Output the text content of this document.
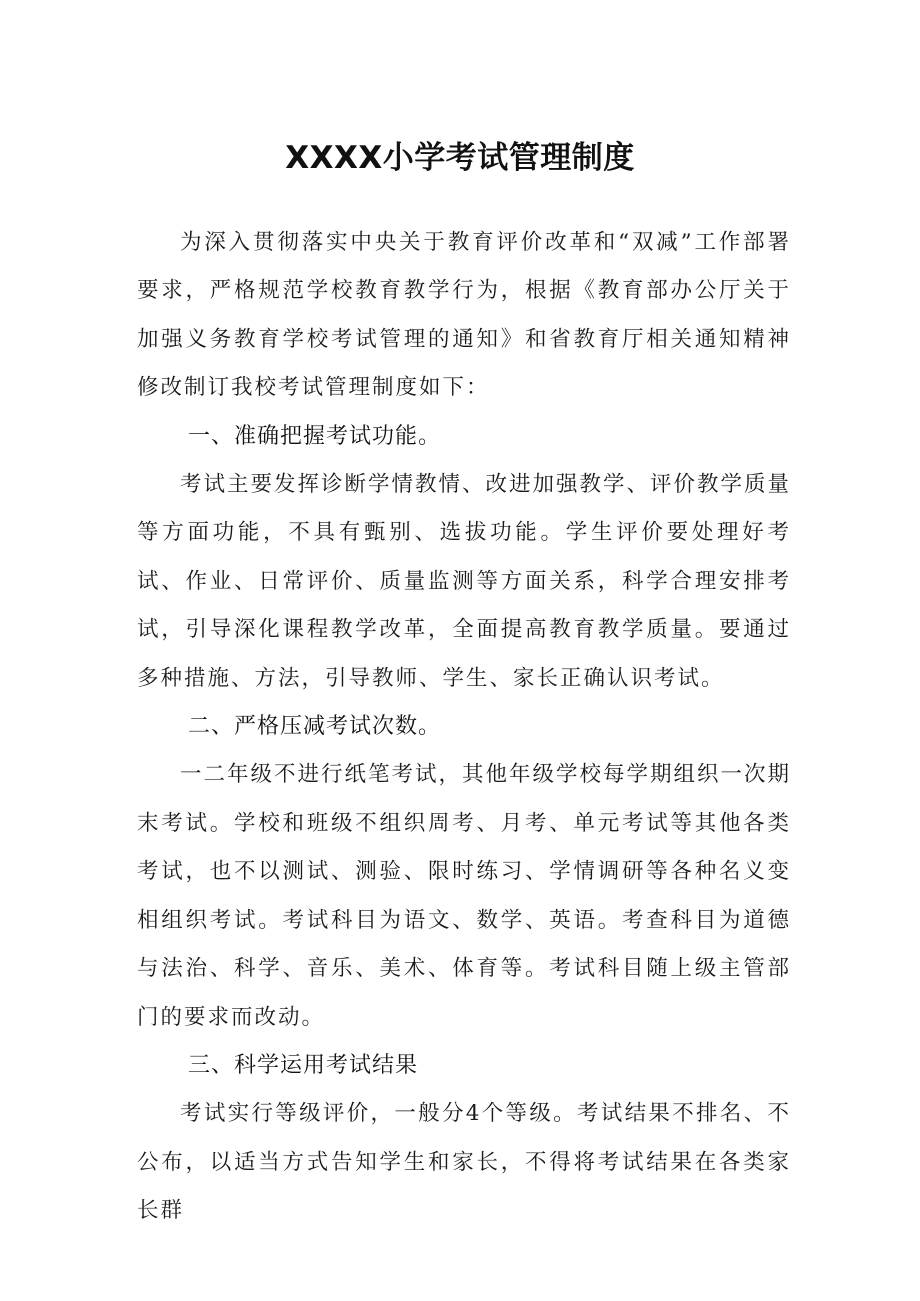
XXXX小学考试管理制度

为深入贯彻落实中央关于教育评价改革和“双减”工作部署要求，严格规范学校教育教学行为，根据《教育部办公厅关于加强义务教育学校考试管理的通知》和省教育厅相关通知精神修改制订我校考试管理制度如下：

一、准确把握考试功能。

考试主要发挥诊断学情教情、改进加强教学、评价教学质量等方面功能，不具有甄别、选拔功能。学生评价要处理好考试、作业、日常评价、质量监测等方面关系，科学合理安排考试，引导深化课程教学改革，全面提高教育教学质量。要通过多种措施、方法，引导教师、学生、家长正确认识考试。

二、严格压减考试次数。

一二年级不进行纸笔考试，其他年级学校每学期组织一次期末考试。学校和班级不组织周考、月考、单元考试等其他各类考试，也不以测试、测验、限时练习、学情调研等各种名义变相组织考试。考试科目为语文、数学、英语。考查科目为道德与法治、科学、音乐、美术、体育等。考试科目随上级主管部门的要求而改动。

三、科学运用考试结果

考试实行等级评价，一般分4个等级。考试结果不排名、不公布，以适当方式告知学生和家长，不得将考试结果在各类家长群
